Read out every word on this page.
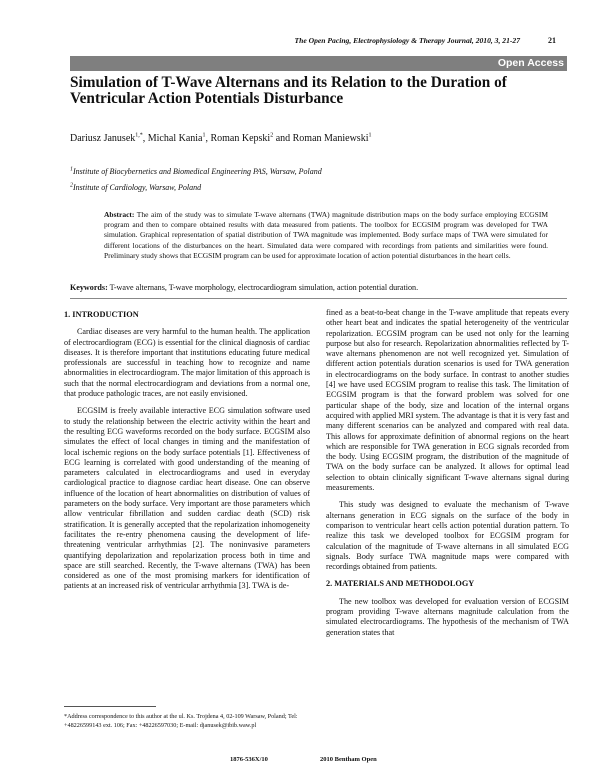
The Open Pacing, Electrophysiology & Therapy Journal, 2010, 3, 21-27	21
Open Access
Simulation of T-Wave Alternans and its Relation to the Duration of Ventricular Action Potentials Disturbance
Dariusz Janusek$^{1,*}$, Michal Kania$^1$, Roman Kepski$^2$ and Roman Maniewski$^1$
$^1$Institute of Biocybernetics and Biomedical Engineering PAS, Warsaw, Poland
$^2$Institute of Cardiology, Warsaw, Poland
Abstract: The aim of the study was to simulate T-wave alternans (TWA) magnitude distribution maps on the body surface employing ECGSIM program and then to compare obtained results with data measured from patients. The toolbox for ECGSIM program was developed for TWA simulation. Graphical representation of spatial distribution of TWA magnitude was implemented. Body surface maps of TWA were simulated for different locations of the disturbances on the heart. Simulated data were compared with recordings from patients and similarities were found. Preliminary study shows that ECGSIM program can be used for approximate location of action potential disturbances in the heart cells.
Keywords: T-wave alternans, T-wave morphology, electrocardiogram simulation, action potential duration.
1. INTRODUCTION

Cardiac diseases are very harmful to the human health. The application of electrocardiogram (ECG) is essential for the clinical diagnosis of cardiac diseases. It is therefore important that institutions educating future medical professionals are successful in teaching how to recognize and name abnormalities in electrocardiogram. The major limitation of this approach is such that the normal electrocardiogram and deviations from a normal one, that produce pathologic traces, are not easily envisioned.

ECGSIM is freely available interactive ECG simulation software used to study the relationship between the electric activity within the heart and the resulting ECG waveforms recorded on the body surface. ECGSIM also simulates the effect of local changes in timing and the manifestation of local ischemic regions on the body surface potentials [1]. Effectiveness of ECG learning is correlated with good understanding of the meaning of parameters calculated in electrocardiograms and used in everyday cardiological practice to diagnose cardiac heart disease. One can observe influence of the location of heart abnormalities on distribution of values of parameters on the body surface. Very important are those parameters which allow ventricular fibrillation and sudden cardiac death (SCD) risk stratification. It is generally accepted that the repolarization inhomogeneity facilitates the re-entry phenomena causing the development of life-threatening ventricular arrhythmias [2]. The noninvasive parameters quantifying depolarization and repolarization process both in time and space are still searched. Recently, the T-wave alternans (TWA) has been considered as one of the most promising markers for identification of patients at an increased risk of ventricular arrhythmia [3]. TWA is de-

fined as a beat-to-beat change in the T-wave amplitude that repeats every other heart beat and indicates the spatial heterogeneity of the ventricular repolarization. ECGSIM program can be used not only for the learning purpose but also for research. Repolarization abnormalities reflected by T-wave alternans phenomenon are not well recognized yet. Simulation of different action potentials duration scenarios is used for TWA generation in electrocardiograms on the body surface. In contrast to another studies [4] we have used ECGSIM program to realise this task. The limitation of ECGSIM program is that the forward problem was solved for one particular shape of the body, size and location of the internal organs acquired with applied MRI system. The advantage is that it is very fast and many different scenarios can be analyzed and compared with real data. This allows for approximate definition of abnormal regions on the heart which are responsible for TWA generation in ECG signals recorded from the body. Using ECGSIM program, the distribution of the magnitude of TWA on the body surface can be analyzed. It allows for optimal lead selection to obtain clinically significant T-wave alternans signal during measurements.

This study was designed to evaluate the mechanism of T-wave alternans generation in ECG signals on the surface of the body in comparison to ventricular heart cells action potential duration pattern. To realize this task we developed toolbox for ECGSIM program for calculation of the magnitude of T-wave alternans in all simulated ECG signals. Body surface TWA magnitude maps were compared with recordings obtained from patients.

2. MATERIALS AND METHODOLOGY

The new toolbox was developed for evaluation version of ECGSIM program providing T-wave alternans magnitude calculation from the simulated electrocardiograms. The hypothesis of the mechanism of TWA generation states that

*Address correspondence to this author at the ul. Ks. Trojdena 4, 02-109 Warsaw, Poland; Tel: +48226599143 ext. 106; Fax: +48226597030; E-mail: djanusek@ibib.waw.pl
1876-536X/10	2010 Bentham Open
